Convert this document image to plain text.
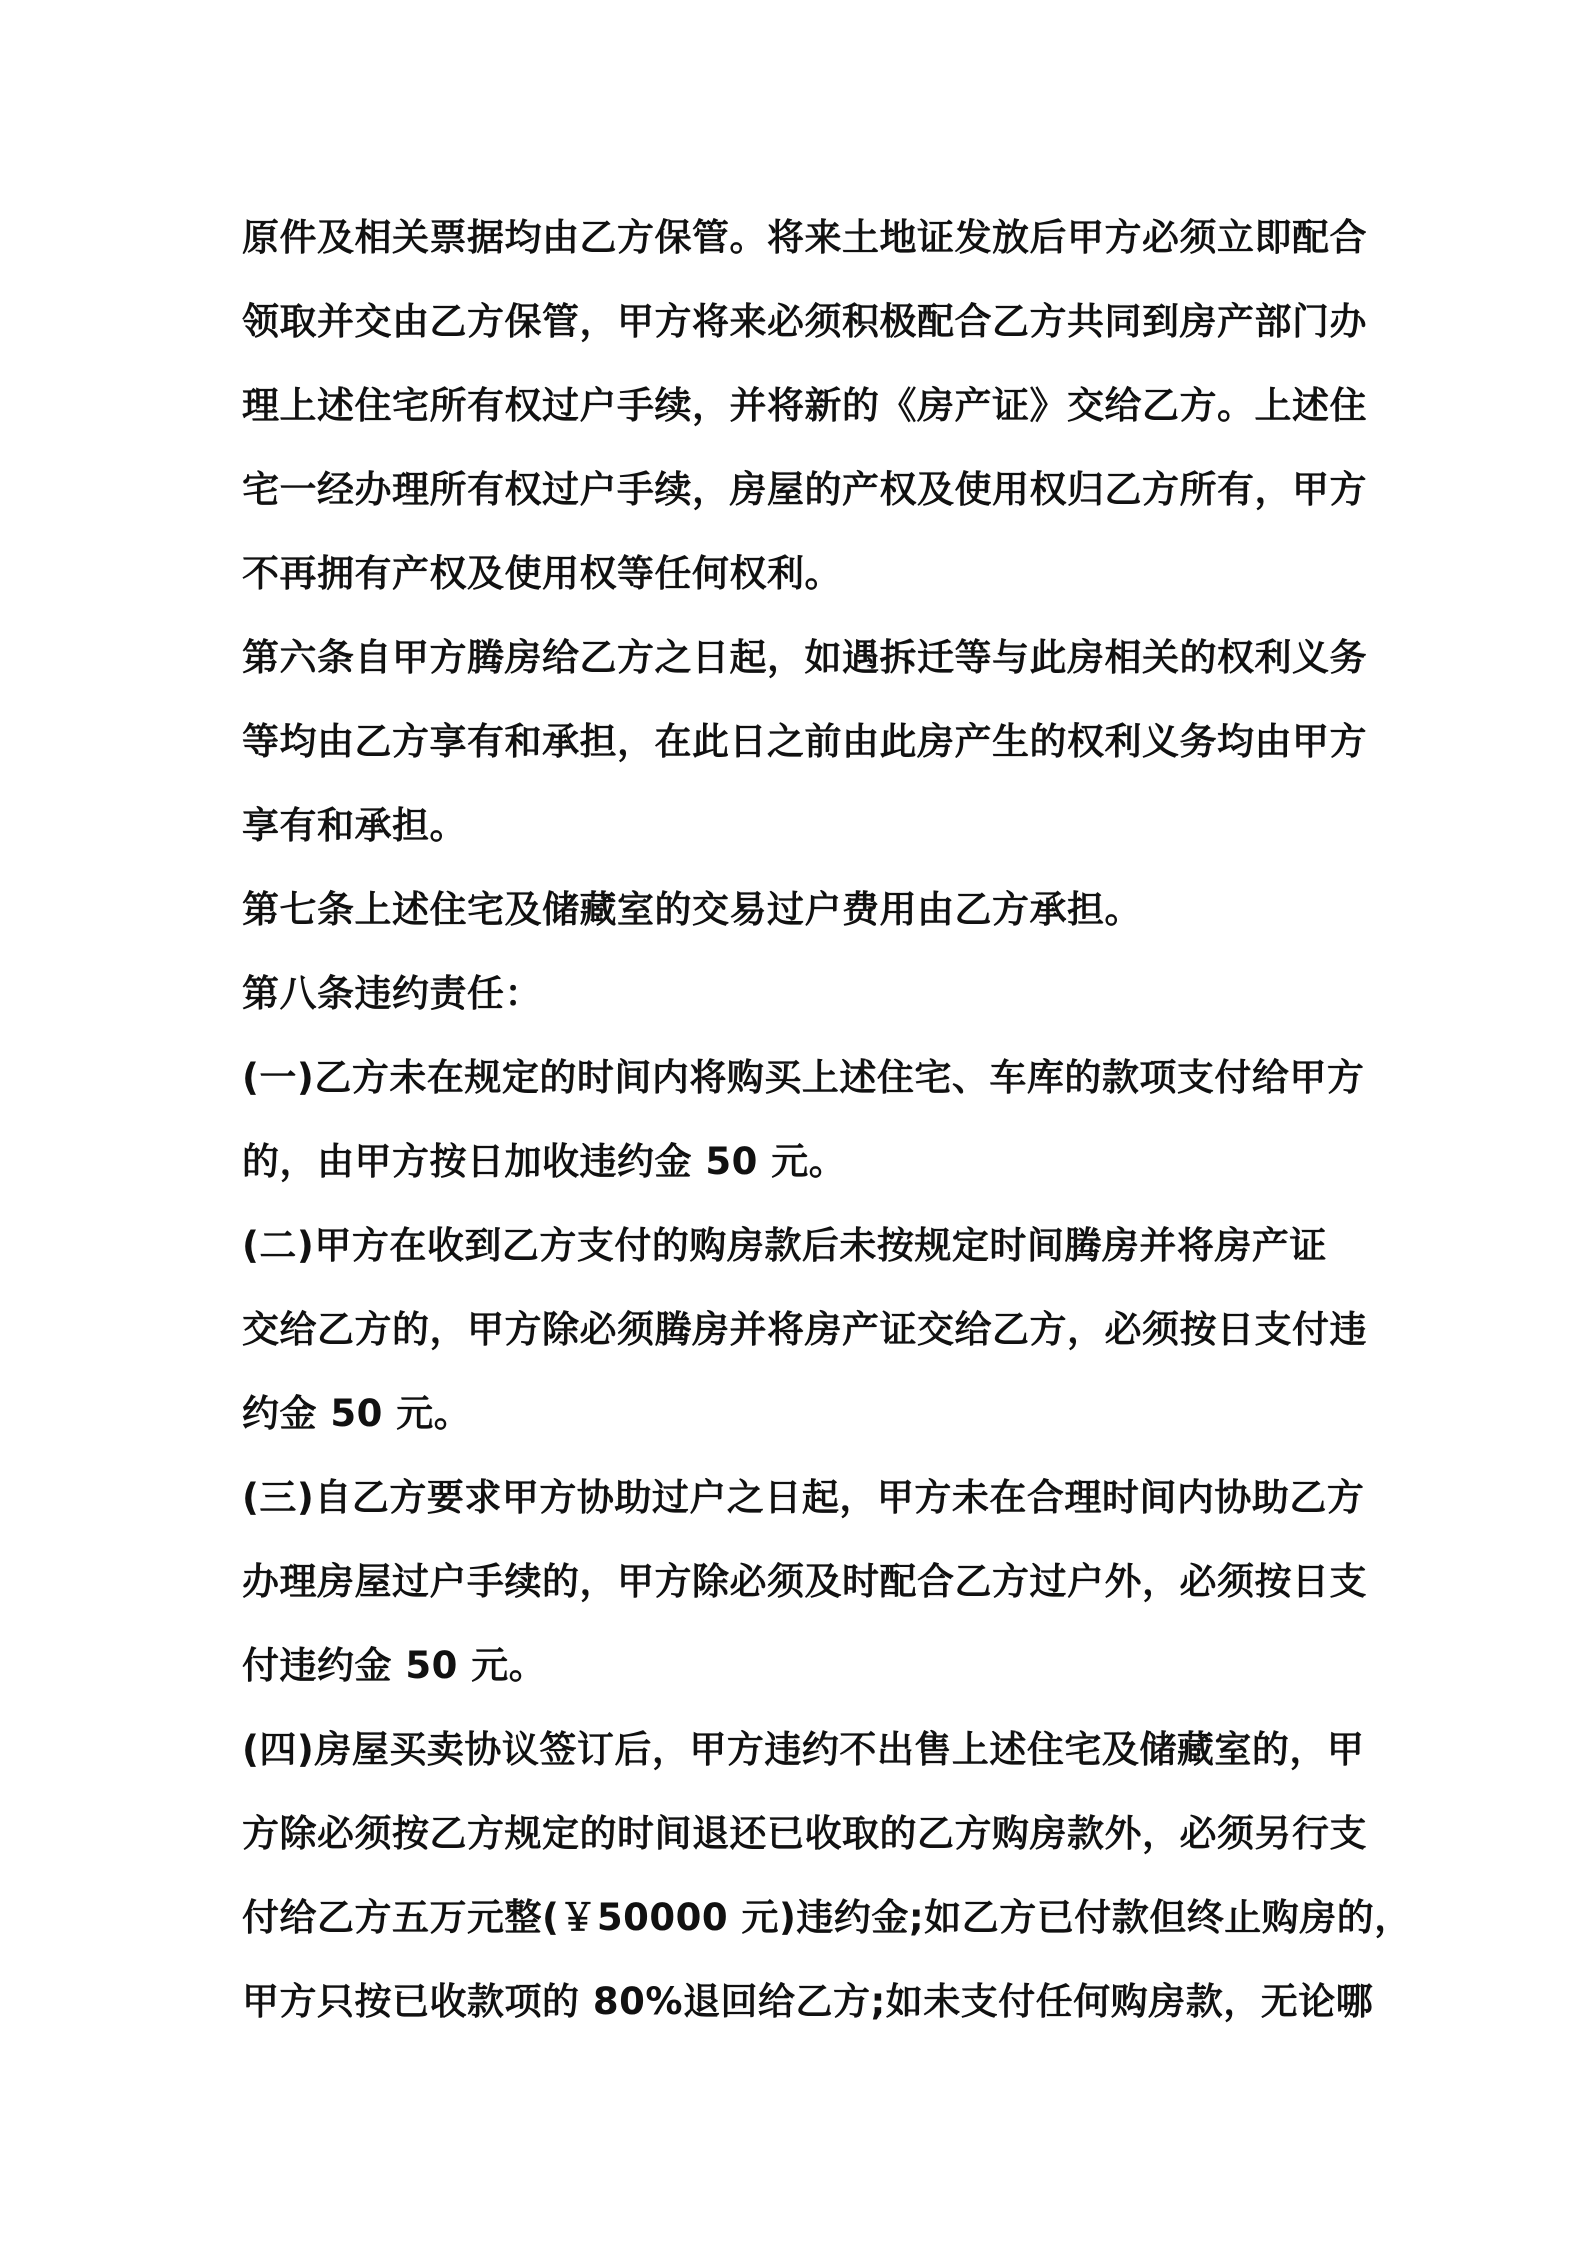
原件及相关票据均由乙方保管。将来土地证发放后甲方必须立即配合
领取并交由乙方保管，甲方将来必须积极配合乙方共同到房产部门办
理上述住宅所有权过户手续，并将新的《房产证》交给乙方。上述住
宅一经办理所有权过户手续，房屋的产权及使用权归乙方所有，甲方
不再拥有产权及使用权等任何权利。
第六条自甲方腾房给乙方之日起，如遇拆迁等与此房相关的权利义务
等均由乙方享有和承担，在此日之前由此房产生的权利义务均由甲方
享有和承担。
第七条上述住宅及储藏室的交易过户费用由乙方承担。
第八条违约责任：
(一)乙方未在规定的时间内将购买上述住宅、车库的款项支付给甲方
的，由甲方按日加收违约金 50 元。
(二)甲方在收到乙方支付的购房款后未按规定时间腾房并将房产证
交给乙方的，甲方除必须腾房并将房产证交给乙方，必须按日支付违
约金 50 元。
(三)自乙方要求甲方协助过户之日起，甲方未在合理时间内协助乙方
办理房屋过户手续的，甲方除必须及时配合乙方过户外，必须按日支
付违约金 50 元。
(四)房屋买卖协议签订后，甲方违约不出售上述住宅及储藏室的，甲
方除必须按乙方规定的时间退还已收取的乙方购房款外，必须另行支
付给乙方五万元整(￥50000 元)违约金;如乙方已付款但终止购房的，
甲方只按已收款项的 80%退回给乙方;如未支付任何购房款，无论哪
